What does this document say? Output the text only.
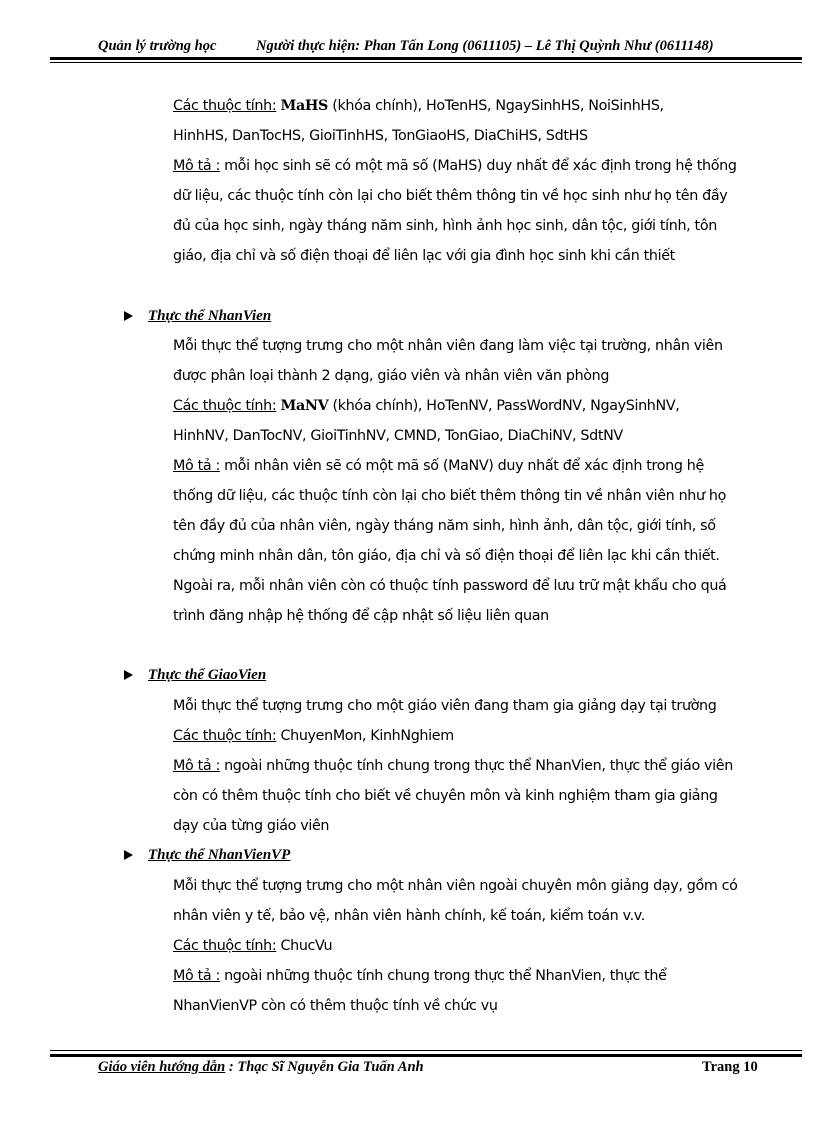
Quản lý trường học	Người thực hiện: Phan Tấn Long (0611105) – Lê Thị Quỳnh Như (0611148)
Các thuộc tính: MaHS (khóa chính), HoTenHS, NgaySinhHS, NoiSinhHS,
HinhHS, DanTocHS, GioiTinhHS, TonGiaoHS, DiaChiHS, SdtHS
Mô tả : mỗi học sinh sẽ có một mã số (MaHS) duy nhất để xác định trong hệ thống
dữ liệu, các thuộc tính còn lại cho biết thêm thông tin về học sinh như họ tên đầy
đủ của học sinh, ngày tháng năm sinh, hình ảnh học sinh, dân tộc, giới tính, tôn
giáo, địa chỉ và số điện thoại để liên lạc với gia đình học sinh khi cần thiết
Thực thể NhanVien
Mỗi thực thể tượng trưng cho một nhân viên đang làm việc tại trường, nhân viên
được phân loại thành 2 dạng, giáo viên và nhân viên văn phòng
Các thuộc tính: MaNV (khóa chính), HoTenNV, PassWordNV, NgaySinhNV,
HinhNV, DanTocNV, GioiTinhNV, CMND, TonGiao, DiaChiNV, SdtNV
Mô tả : mỗi nhân viên sẽ có một mã số (MaNV) duy nhất để xác định trong hệ
thống dữ liệu, các thuộc tính còn lại cho biết thêm thông tin về nhân viên như họ
tên đầy đủ của nhân viên, ngày tháng năm sinh, hình ảnh, dân tộc, giới tính, số
chứng minh nhân dân, tôn giáo, địa chỉ và số điện thoại để liên lạc khi cần thiết.
Ngoài ra, mỗi nhân viên còn có thuộc tính password để lưu trữ mật khẩu cho quá
trình đăng nhập hệ thống để cập nhật số liệu liên quan
Thực thể GiaoVien
Mỗi thực thể tượng trưng cho một giáo viên đang tham gia giảng dạy tại trường
Các thuộc tính: ChuyenMon, KinhNghiem
Mô tả : ngoài những thuộc tính chung trong thực thể NhanVien, thực thể giáo viên
còn có thêm thuộc tính cho biết về chuyên môn và kinh nghiệm tham gia giảng
dạy của từng giáo viên
Thực thể NhanVienVP
Mỗi thực thể tượng trưng cho một nhân viên ngoài chuyên môn giảng dạy, gồm có
nhân viên y tế, bảo vệ, nhân viên hành chính, kế toán, kiểm toán v.v.
Các thuộc tính: ChucVu
Mô tả : ngoài những thuộc tính chung trong thực thể NhanVien, thực thể
NhanVienVP còn có thêm thuộc tính về chức vụ
Giáo viên hướng dẫn : Thạc Sĩ Nguyễn Gia Tuấn Anh	Trang 10
